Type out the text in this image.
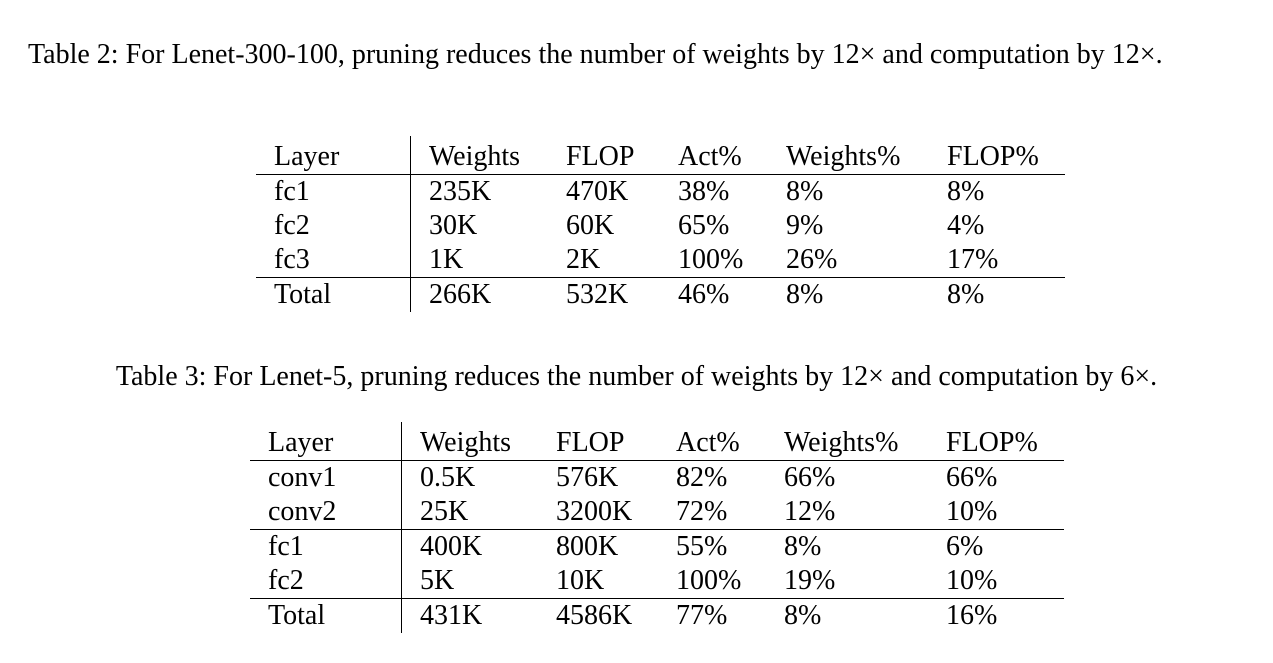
Table 2: For Lenet-300-100, pruning reduces the number of weights by 12× and computation by 12×.

Layer	Weights	FLOP	Act%	Weights%	FLOP%
fc1	235K	470K	38%	8%	8%
fc2	30K	60K	65%	9%	4%
fc3	1K	2K	100%	26%	17%
Total	266K	532K	46%	8%	8%

Table 3: For Lenet-5, pruning reduces the number of weights by 12× and computation by 6×.

Layer	Weights	FLOP	Act%	Weights%	FLOP%
conv1	0.5K	576K	82%	66%	66%
conv2	25K	3200K	72%	12%	10%
fc1	400K	800K	55%	8%	6%
fc2	5K	10K	100%	19%	10%
Total	431K	4586K	77%	8%	16%
